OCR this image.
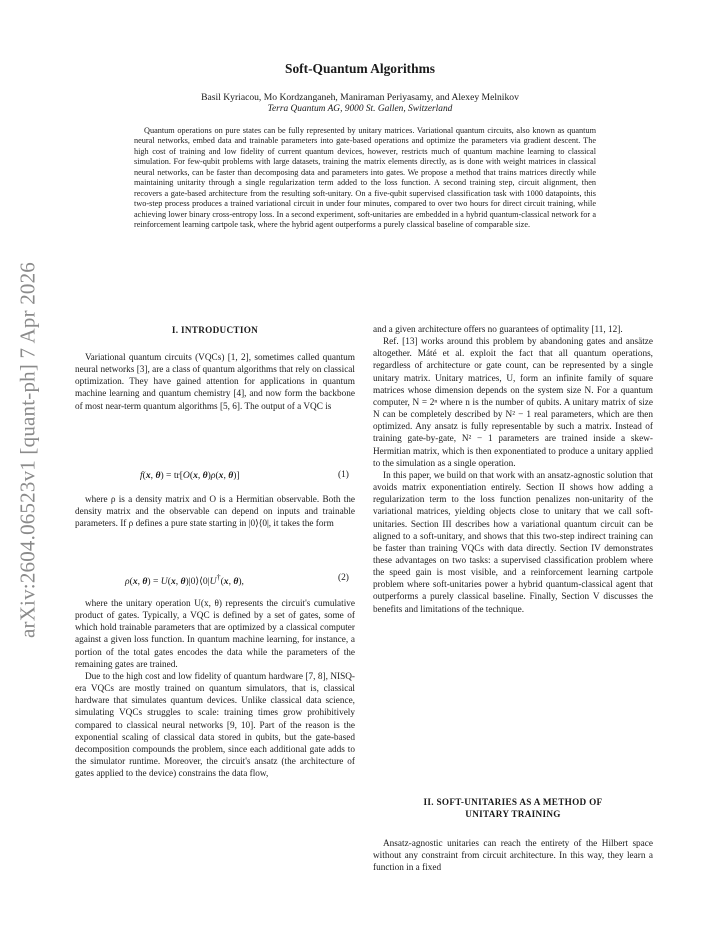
arXiv:2604.06523v1 [quant-ph] 7 Apr 2026
Soft-Quantum Algorithms
Basil Kyriacou, Mo Kordzanganeh, Maniraman Periyasamy, and Alexey Melnikov
Terra Quantum AG, 9000 St. Gallen, Switzerland

Quantum operations on pure states can be fully represented by unitary matrices. Variational quantum circuits, also known as quantum neural networks, embed data and trainable parameters into gate-based operations and optimize the parameters via gradient descent. The high cost of training and low fidelity of current quantum devices, however, restricts much of quantum machine learning to classical simulation. For few-qubit problems with large datasets, training the matrix elements directly, as is done with weight matrices in classical neural networks, can be faster than decomposing data and parameters into gates. We propose a method that trains matrices directly while maintaining unitarity through a single regularization term added to the loss function. A second training step, circuit alignment, then recovers a gate-based architecture from the resulting soft-unitary. On a five-qubit supervised classification task with 1000 datapoints, this two-step process produces a trained variational circuit in under four minutes, compared to over two hours for direct circuit training, while achieving lower binary cross-entropy loss. In a second experiment, soft-unitaries are embedded in a hybrid quantum-classical network for a reinforcement learning cartpole task, where the hybrid agent outperforms a purely classical baseline of comparable size.

I. INTRODUCTION

Variational quantum circuits (VQCs) [1, 2], sometimes called quantum neural networks [3], are a class of quantum algorithms that rely on classical optimization. They have gained attention for applications in quantum machine learning and quantum chemistry [4], and now form the backbone of most near-term quantum algorithms [5, 6]. The output of a VQC is

f(x, θ) = tr[O(x, θ)ρ(x, θ)]	(1)

where ρ is a density matrix and O is a Hermitian observable. Both the density matrix and the observable can depend on inputs and trainable parameters. If ρ defines a pure state starting in |0⟩⟨0|, it takes the form

ρ(x, θ) = U(x, θ)|0⟩⟨0|U†(x, θ),	(2)

where the unitary operation U(x, θ) represents the circuit's cumulative product of gates. Typically, a VQC is defined by a set of gates, some of which hold trainable parameters that are optimized by a classical computer against a given loss function. In quantum machine learning, for instance, a portion of the total gates encodes the data while the parameters of the remaining gates are trained.

Due to the high cost and low fidelity of quantum hardware [7, 8], NISQ-era VQCs are mostly trained on quantum simulators, that is, classical hardware that simulates quantum devices. Unlike classical data science, simulating VQCs struggles to scale: training times grow prohibitively compared to classical neural networks [9, 10]. Part of the reason is the exponential scaling of classical data stored in qubits, but the gate-based decomposition compounds the problem, since each additional gate adds to the simulator runtime. Moreover, the circuit's ansatz (the architecture of gates applied to the device) constrains the data flow,

and a given architecture offers no guarantees of optimality [11, 12].

Ref. [13] works around this problem by abandoning gates and ansätze altogether. Máté et al. exploit the fact that all quantum operations, regardless of architecture or gate count, can be represented by a single unitary matrix. Unitary matrices, U, form an infinite family of square matrices whose dimension depends on the system size N. For a quantum computer, N = 2ⁿ where n is the number of qubits. A unitary matrix of size N can be completely described by N² − 1 real parameters, which are then optimized. Any ansatz is fully representable by such a matrix. Instead of training gate-by-gate, N² − 1 parameters are trained inside a skew-Hermitian matrix, which is then exponentiated to produce a unitary applied to the simulation as a single operation.

In this paper, we build on that work with an ansatz-agnostic solution that avoids matrix exponentiation entirely. Section II shows how adding a regularization term to the loss function penalizes non-unitarity of the variational matrices, yielding objects close to unitary that we call soft-unitaries. Section III describes how a variational quantum circuit can be aligned to a soft-unitary, and shows that this two-step indirect training can be faster than training VQCs with data directly. Section IV demonstrates these advantages on two tasks: a supervised classification problem where the speed gain is most visible, and a reinforcement learning cartpole problem where soft-unitaries power a hybrid quantum-classical agent that outperforms a purely classical baseline. Finally, Section V discusses the benefits and limitations of the technique.

II. SOFT-UNITARIES AS A METHOD OF
UNITARY TRAINING

Ansatz-agnostic unitaries can reach the entirety of the Hilbert space without any constraint from circuit architecture. In this way, they learn a function in a fixed
